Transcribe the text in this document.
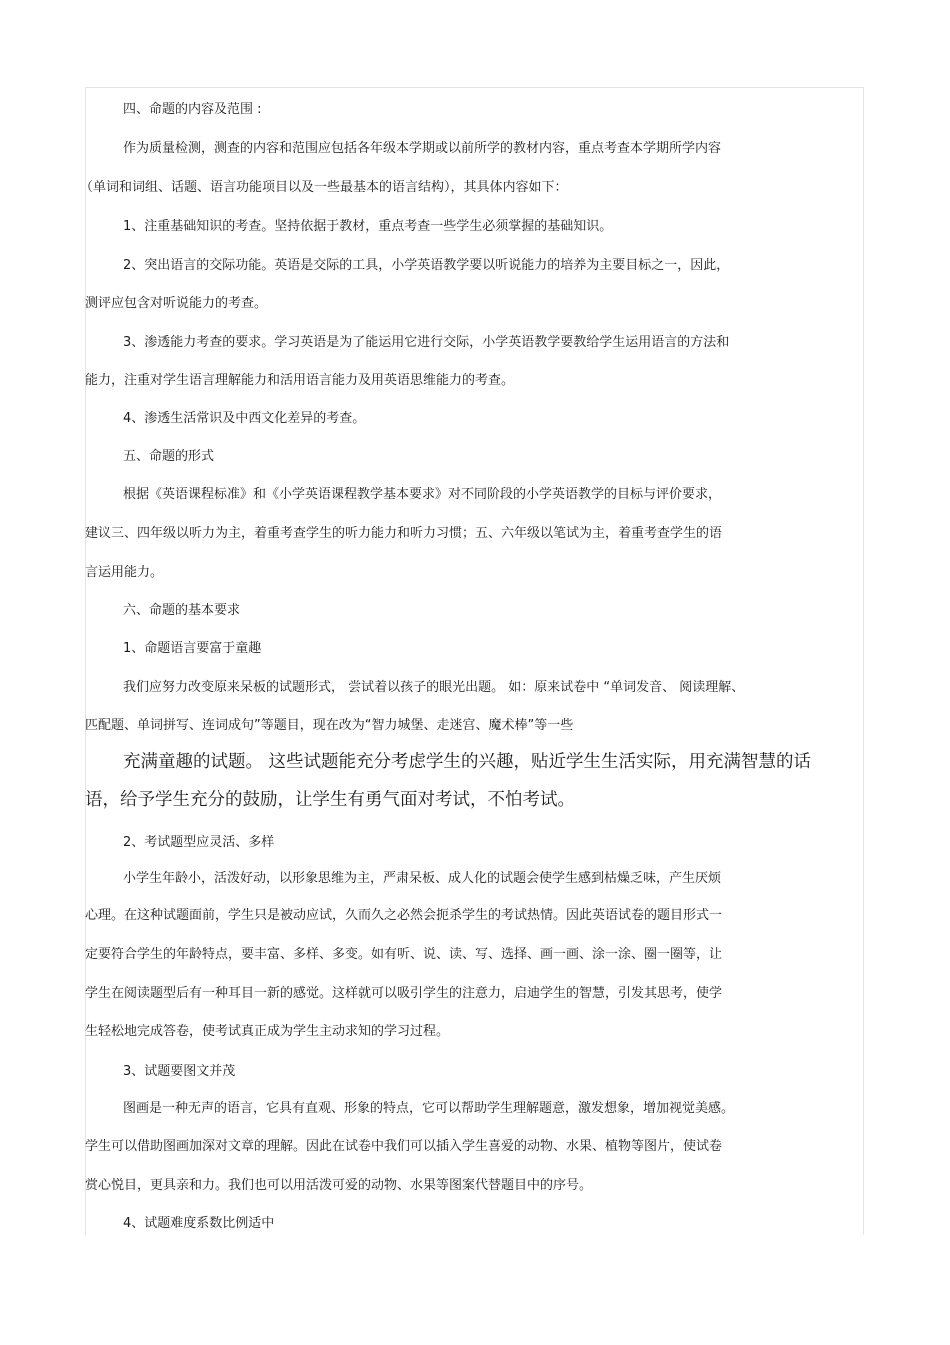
四、命题的内容及范围 :
作为质量检测，测查的内容和范围应包括各年级本学期或以前所学的教材内容，重点考查本学期所学内容
（单词和词组、话题、语言功能项目以及一些最基本的语言结构），其具体内容如下：
1、注重基础知识的考查。坚持依据于教材，重点考查一些学生必须掌握的基础知识。
2、突出语言的交际功能。英语是交际的工具，小学英语教学要以听说能力的培养为主要目标之一，因此，
测评应包含对听说能力的考查。
3、渗透能力考查的要求。学习英语是为了能运用它进行交际，小学英语教学要教给学生运用语言的方法和
能力，注重对学生语言理解能力和活用语言能力及用英语思维能力的考查。
4、渗透生活常识及中西文化差异的考查。
五、命题的形式
根据《英语课程标准》和《小学英语课程教学基本要求》对不同阶段的小学英语教学的目标与评价要求，
建议三、四年级以听力为主，着重考查学生的听力能力和听力习惯；五、六年级以笔试为主，着重考查学生的语
言运用能力。
六、命题的基本要求
1、命题语言要富于童趣
我们应努力改变原来呆板的试题形式， 尝试着以孩子的眼光出题。 如：原来试卷中 “单词发音、 阅读理解、
匹配题、单词拼写、连词成句”等题目，现在改为“智力城堡、走迷宫、魔术棒”等一些
充满童趣的试题。 这些试题能充分考虑学生的兴趣，贴近学生生活实际，用充满智慧的话
语，给予学生充分的鼓励，让学生有勇气面对考试，不怕考试。
2、考试题型应灵活、多样
小学生年龄小，活泼好动，以形象思维为主，严肃呆板、成人化的试题会使学生感到枯燥乏味，产生厌烦
心理。在这种试题面前，学生只是被动应试，久而久之必然会扼杀学生的考试热情。因此英语试卷的题目形式一
定要符合学生的年龄特点，要丰富、多样、多变。如有听、说、读、写、选择、画一画、涂一涂、圈一圈等，让
学生在阅读题型后有一种耳目一新的感觉。这样就可以吸引学生的注意力，启迪学生的智慧，引发其思考，使学
生轻松地完成答卷，使考试真正成为学生主动求知的学习过程。
3、试题要图文并茂
图画是一种无声的语言，它具有直观、形象的特点，它可以帮助学生理解题意，激发想象，增加视觉美感。
学生可以借助图画加深对文章的理解。因此在试卷中我们可以插入学生喜爱的动物、水果、植物等图片，使试卷
赏心悦目，更具亲和力。我们也可以用活泼可爱的动物、水果等图案代替题目中的序号。
4、试题难度系数比例适中
